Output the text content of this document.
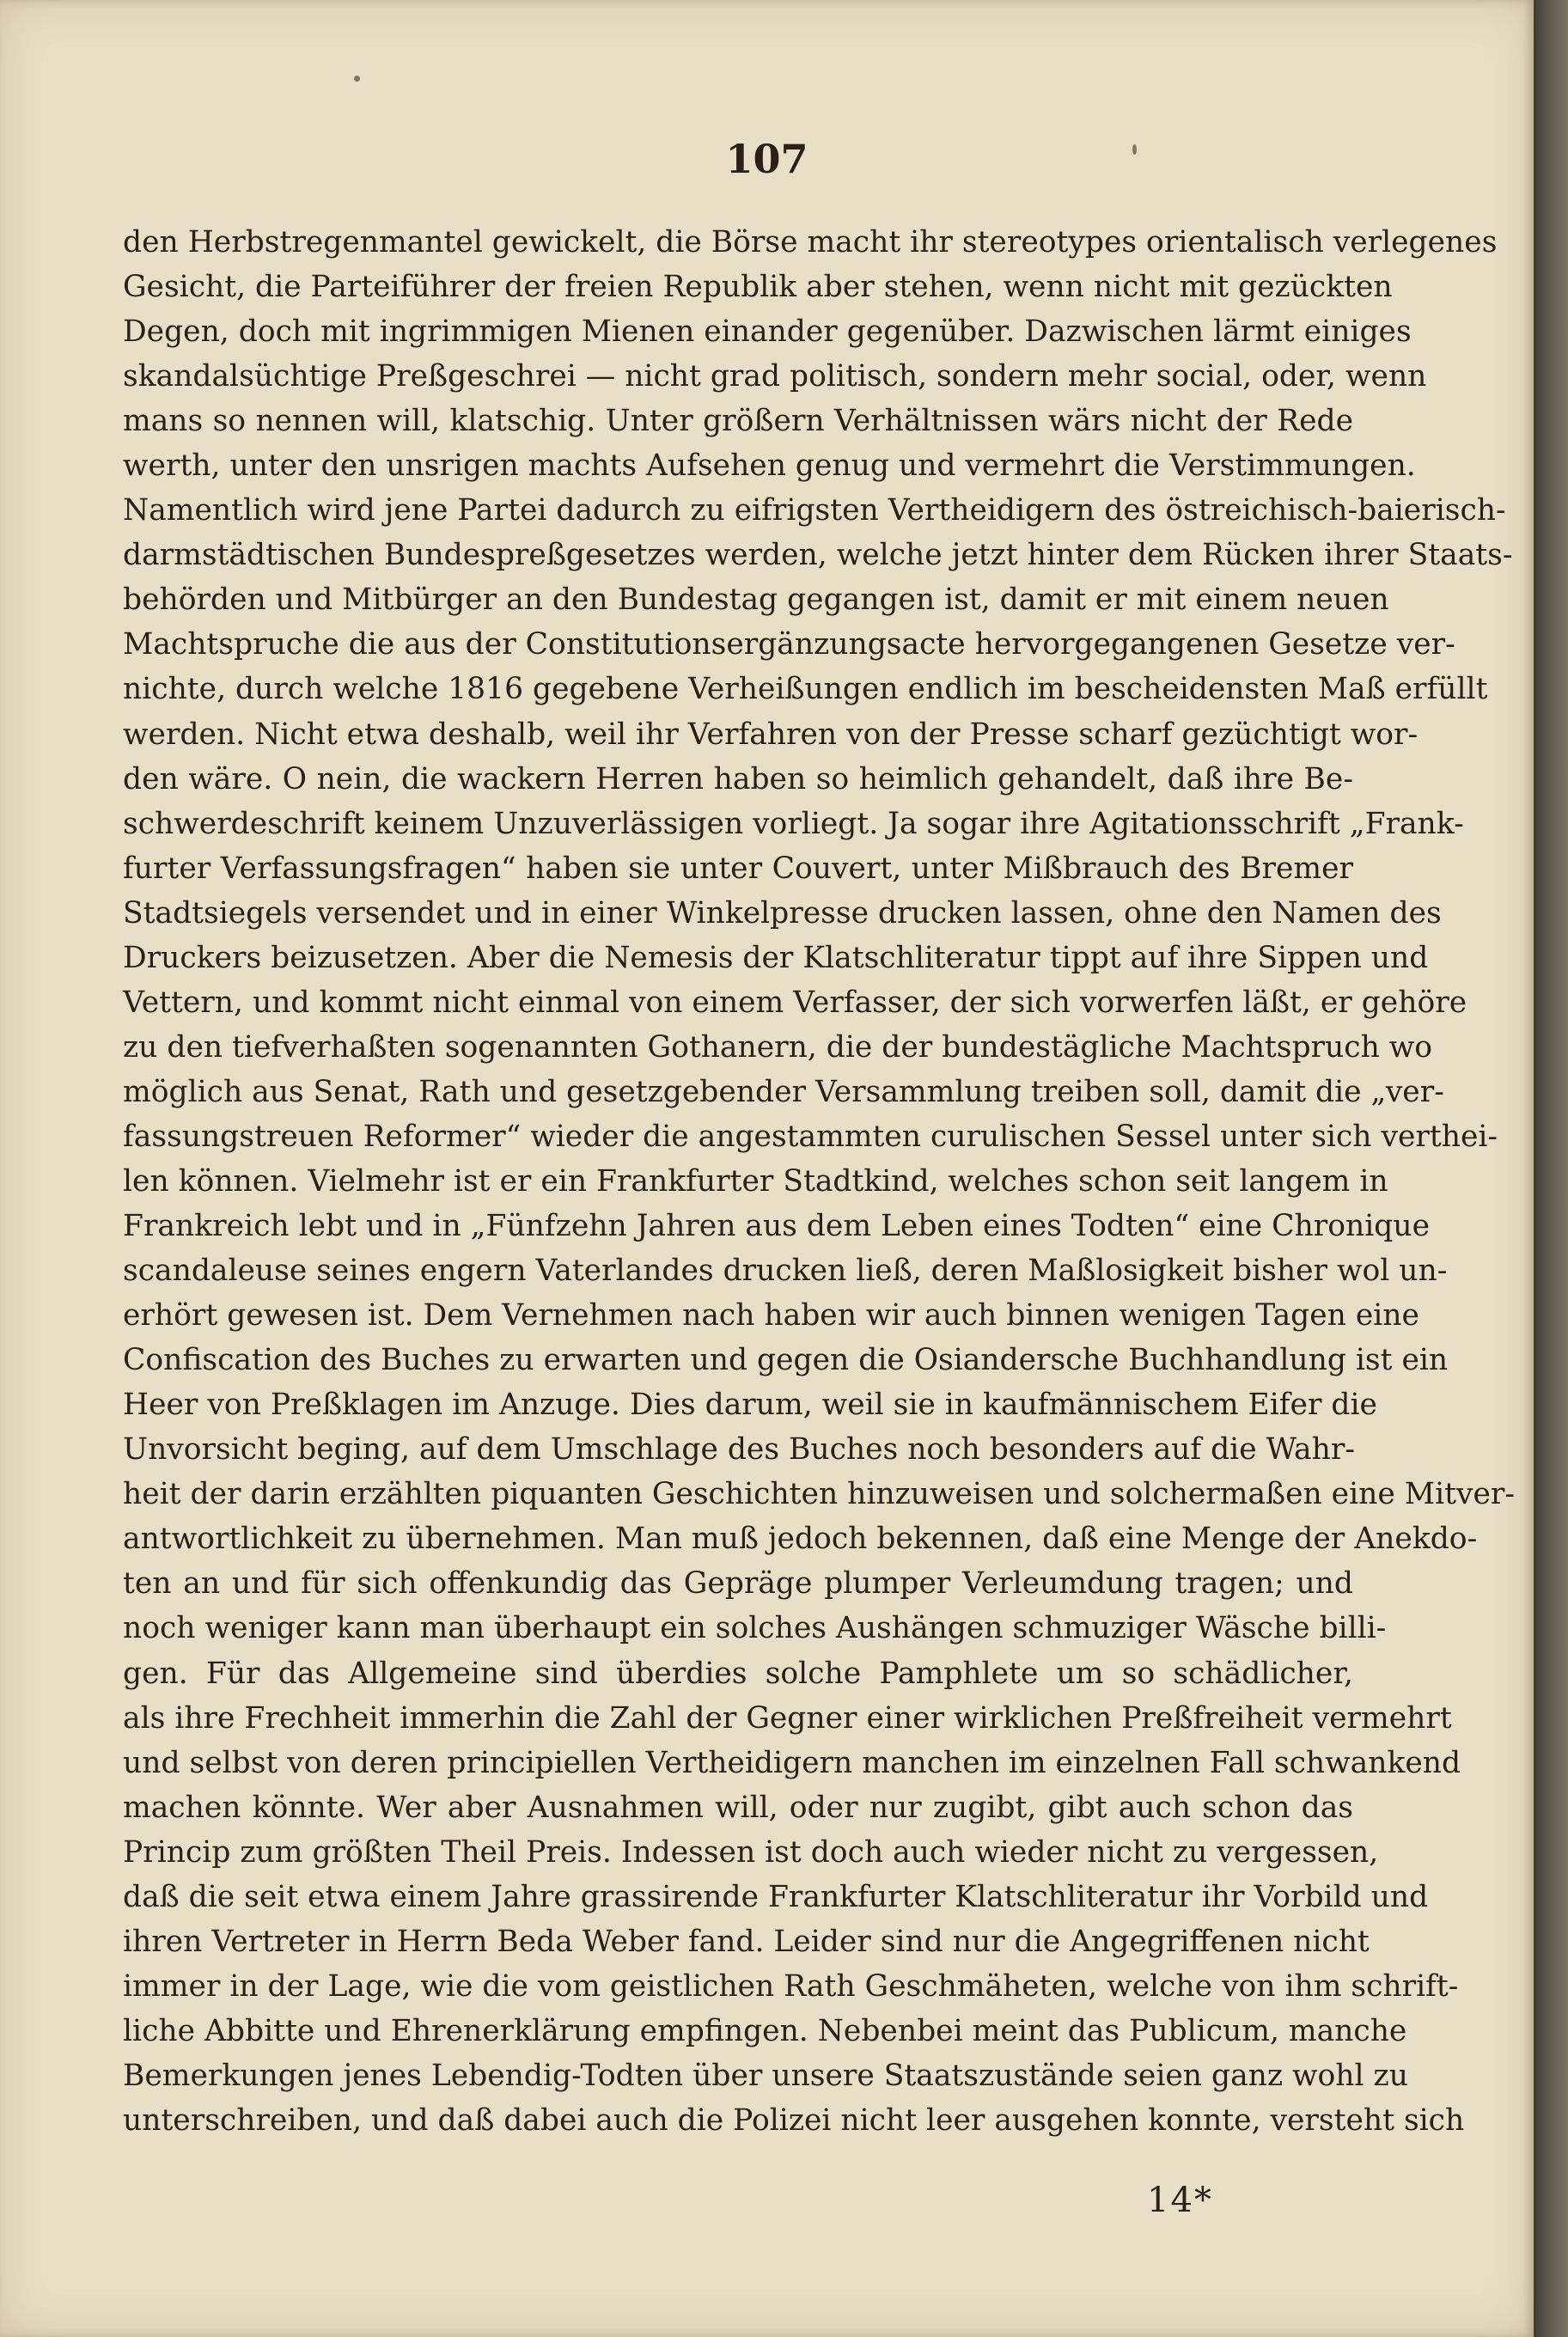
107
den Herbstregenmantel gewickelt, die Börse macht ihr stereotypes orientalisch verlegenes
Gesicht, die Parteiführer der freien Republik aber stehen, wenn nicht mit gezückten
Degen, doch mit ingrimmigen Mienen einander gegenüber. Dazwischen lärmt einiges
skandalsüchtige Preßgeschrei — nicht grad politisch, sondern mehr social, oder, wenn
mans so nennen will, klatschig. Unter größern Verhältnissen wärs nicht der Rede
werth, unter den unsrigen machts Aufsehen genug und vermehrt die Verstimmungen.
Namentlich wird jene Partei dadurch zu eifrigsten Vertheidigern des östreichisch-baierisch-
darmstädtischen Bundespreßgesetzes werden, welche jetzt hinter dem Rücken ihrer Staats-
behörden und Mitbürger an den Bundestag gegangen ist, damit er mit einem neuen
Machtspruche die aus der Constitutionsergänzungsacte hervorgegangenen Gesetze ver-
nichte, durch welche 1816 gegebene Verheißungen endlich im bescheidensten Maß erfüllt
werden. Nicht etwa deshalb, weil ihr Verfahren von der Presse scharf gezüchtigt wor-
den wäre. O nein, die wackern Herren haben so heimlich gehandelt, daß ihre Be-
schwerdeschrift keinem Unzuverlässigen vorliegt. Ja sogar ihre Agitationsschrift „Frank-
furter Verfassungsfragen“ haben sie unter Couvert, unter Mißbrauch des Bremer
Stadtsiegels versendet und in einer Winkelpresse drucken lassen, ohne den Namen des
Druckers beizusetzen. Aber die Nemesis der Klatschliteratur tippt auf ihre Sippen und
Vettern, und kommt nicht einmal von einem Verfasser, der sich vorwerfen läßt, er gehöre
zu den tiefverhaßten sogenannten Gothanern, die der bundestägliche Machtspruch wo
möglich aus Senat, Rath und gesetzgebender Versammlung treiben soll, damit die „ver-
fassungstreuen Reformer“ wieder die angestammten curulischen Sessel unter sich verthei-
len können. Vielmehr ist er ein Frankfurter Stadtkind, welches schon seit langem in
Frankreich lebt und in „Fünfzehn Jahren aus dem Leben eines Todten“ eine Chronique
scandaleuse seines engern Vaterlandes drucken ließ, deren Maßlosigkeit bisher wol un-
erhört gewesen ist. Dem Vernehmen nach haben wir auch binnen wenigen Tagen eine
Confiscation des Buches zu erwarten und gegen die Osiandersche Buchhandlung ist ein
Heer von Preßklagen im Anzuge. Dies darum, weil sie in kaufmännischem Eifer die
Unvorsicht beging, auf dem Umschlage des Buches noch besonders auf die Wahr-
heit der darin erzählten piquanten Geschichten hinzuweisen und solchermaßen eine Mitver-
antwortlichkeit zu übernehmen. Man muß jedoch bekennen, daß eine Menge der Anekdo-
ten an und für sich offenkundig das Gepräge plumper Verleumdung tragen; und
noch weniger kann man überhaupt ein solches Aushängen schmuziger Wäsche billi-
gen. Für das Allgemeine sind überdies solche Pamphlete um so schädlicher,
als ihre Frechheit immerhin die Zahl der Gegner einer wirklichen Preßfreiheit vermehrt
und selbst von deren principiellen Vertheidigern manchen im einzelnen Fall schwankend
machen könnte. Wer aber Ausnahmen will, oder nur zugibt, gibt auch schon das
Princip zum größten Theil Preis. Indessen ist doch auch wieder nicht zu vergessen,
daß die seit etwa einem Jahre grassirende Frankfurter Klatschliteratur ihr Vorbild und
ihren Vertreter in Herrn Beda Weber fand. Leider sind nur die Angegriffenen nicht
immer in der Lage, wie die vom geistlichen Rath Geschmäheten, welche von ihm schrift-
liche Abbitte und Ehrenerklärung empfingen. Nebenbei meint das Publicum, manche
Bemerkungen jenes Lebendig-Todten über unsere Staatszustände seien ganz wohl zu
unterschreiben, und daß dabei auch die Polizei nicht leer ausgehen konnte, versteht sich
14*
